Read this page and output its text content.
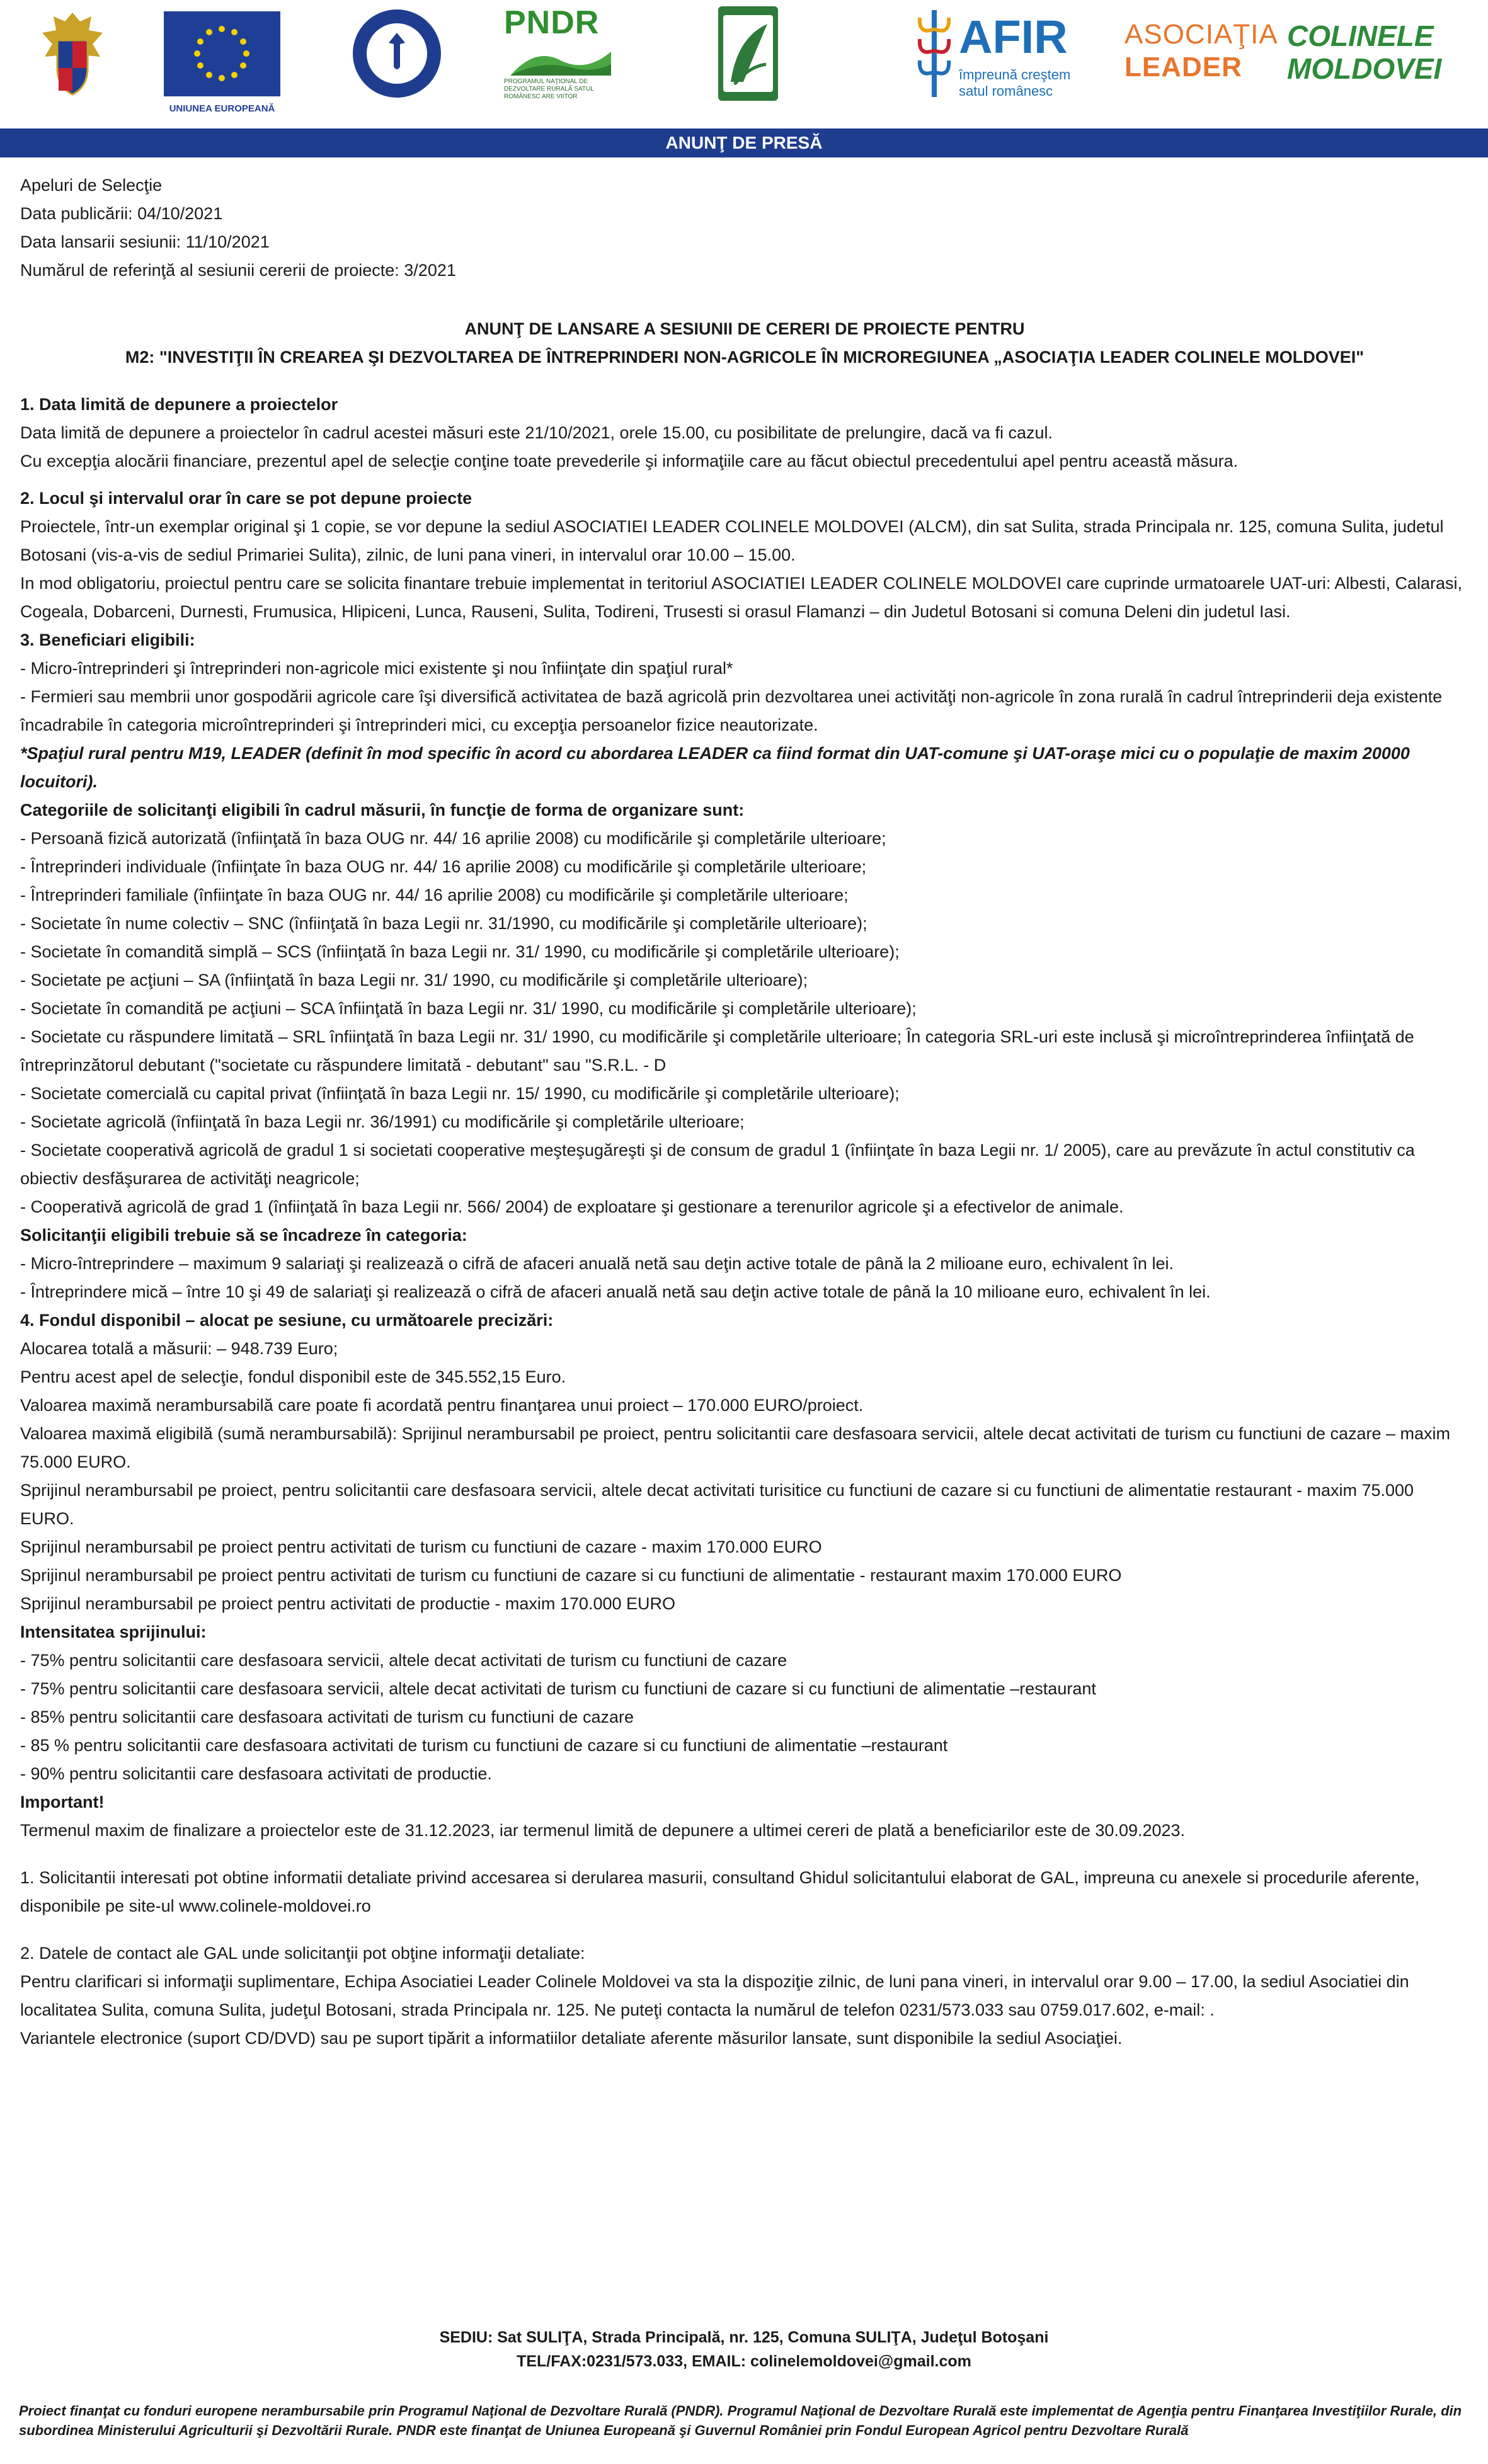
UNIUNEA EUROPEANĂ
PNDR
PROGRAMUL NAŢIONAL DE DEZVOLTARE RURALĂ SATUL ROMÂNESC ARE VIITOR
AFIR
împreună creştem
satul românesc
ASOCIAŢIA
LEADER
COLINELE
MOLDOVEI
ANUNŢ DE PRESĂ

Apeluri de Selecţie

Data publicării: 04/10/2021

Data lansarii sesiunii: 11/10/2021

Numărul de referinţă al sesiunii cererii de proiecte: 3/2021

ANUNŢ DE LANSARE A SESIUNII DE CERERI DE PROIECTE PENTRU

M2: "INVESTIŢII ÎN CREAREA ŞI DEZVOLTAREA DE ÎNTREPRINDERI NON-AGRICOLE ÎN MICROREGIUNEA „ASOCIAŢIA LEADER COLINELE MOLDOVEI"

1. Data limită de depunere a proiectelor

Data limită de depunere a proiectelor în cadrul acestei măsuri este 21/10/2021, orele 15.00, cu posibilitate de prelungire, dacă va fi cazul.

Cu excepţia alocării financiare, prezentul apel de selecţie conţine toate prevederile şi informaţiile care au făcut obiectul precedentului apel pentru această măsura.

2. Locul şi intervalul orar în care se pot depune proiecte

Proiectele, într-un exemplar original şi 1 copie, se vor depune la sediul ASOCIATIEI LEADER COLINELE MOLDOVEI (ALCM), din sat Sulita, strada Principala nr. 125, comuna Sulita, judetul Botosani (vis-a-vis de sediul Primariei Sulita), zilnic, de luni pana vineri, in intervalul orar 10.00 – 15.00.

In mod obligatoriu, proiectul pentru care se solicita finantare trebuie implementat in teritoriul ASOCIATIEI LEADER COLINELE MOLDOVEI care cuprinde urmatoarele UAT-uri: Albesti, Calarasi, Cogeala, Dobarceni, Durnesti, Frumusica, Hlipiceni, Lunca, Rauseni, Sulita, Todireni, Trusesti si orasul Flamanzi – din Judetul Botosani si comuna Deleni din judetul Iasi.

3. Beneficiari eligibili:

- Micro-întreprinderi şi întreprinderi non-agricole mici existente şi nou înfiinţate din spaţiul rural*

- Fermieri sau membrii unor gospodării agricole care îşi diversifică activitatea de bază agricolă prin dezvoltarea unei activităţi non-agricole în zona rurală în cadrul întreprinderii deja existente încadrabile în categoria microîntreprinderi şi întreprinderi mici, cu excepţia persoanelor fizice neautorizate.

*Spaţiul rural pentru M19, LEADER (definit în mod specific în acord cu abordarea LEADER ca fiind format din UAT-comune şi UAT-oraşe mici cu o populaţie de maxim 20000 locuitori).

Categoriile de solicitanţi eligibili în cadrul măsurii, în funcţie de forma de organizare sunt:

- Persoană fizică autorizată (înfiinţată în baza OUG nr. 44/ 16 aprilie 2008) cu modificările şi completările ulterioare;

- Întreprinderi individuale (înfiinţate în baza OUG nr. 44/ 16 aprilie 2008) cu modificările şi completările ulterioare;

- Întreprinderi familiale (înfiinţate în baza OUG nr. 44/ 16 aprilie 2008) cu modificările şi completările ulterioare;

- Societate în nume colectiv – SNC (înfiinţată în baza Legii nr. 31/1990, cu modificările şi completările ulterioare);

- Societate în comandită simplă – SCS (înfiinţată în baza Legii nr. 31/ 1990, cu modificările şi completările ulterioare);

- Societate pe acţiuni – SA (înfiinţată în baza Legii nr. 31/ 1990, cu modificările şi completările ulterioare);

- Societate în comandită pe acţiuni – SCA înfiinţată în baza Legii nr. 31/ 1990, cu modificările şi completările ulterioare);

- Societate cu răspundere limitată – SRL înfiinţată în baza Legii nr. 31/ 1990, cu modificările şi completările ulterioare; În categoria SRL-uri este inclusă şi microîntreprinderea înfiinţată de întreprinzătorul debutant ("societate cu răspundere limitată - debutant" sau "S.R.L. - D

- Societate comercială cu capital privat (înfiinţată în baza Legii nr. 15/ 1990, cu modificările şi completările ulterioare);

- Societate agricolă (înfiinţată în baza Legii nr. 36/1991) cu modificările şi completările ulterioare;

- Societate cooperativă agricolă de gradul 1 si societati cooperative meşteşugăreşti şi de consum de gradul 1 (înfiinţate în baza Legii nr. 1/ 2005), care au prevăzute în actul constitutiv ca obiectiv desfăşurarea de activităţi neagricole;

- Cooperativă agricolă de grad 1 (înfiinţată în baza Legii nr. 566/ 2004) de exploatare şi gestionare a terenurilor agricole şi a efectivelor de animale.

Solicitanţii eligibili trebuie să se încadreze în categoria:

- Micro-întreprindere – maximum 9 salariaţi şi realizează o cifră de afaceri anuală netă sau deţin active totale de până la 2 milioane euro, echivalent în lei.

- Întreprindere mică – între 10 şi 49 de salariaţi şi realizează o cifră de afaceri anuală netă sau deţin active totale de până la 10 milioane euro, echivalent în lei.

4. Fondul disponibil – alocat pe sesiune, cu următoarele precizări:

Alocarea totală a măsurii: – 948.739 Euro;

Pentru acest apel de selecţie, fondul disponibil este de 345.552,15 Euro.

Valoarea maximă nerambursabilă care poate fi acordată pentru finanţarea unui proiect – 170.000 EURO/proiect.

Valoarea maximă eligibilă (sumă nerambursabilă): Sprijinul nerambursabil pe proiect, pentru solicitantii care desfasoara servicii, altele decat activitati de turism cu functiuni de cazare – maxim 75.000 EURO.

Sprijinul nerambursabil pe proiect, pentru solicitantii care desfasoara servicii, altele decat activitati turisitice cu functiuni de cazare si cu functiuni de alimentatie restaurant - maxim 75.000 EURO.

Sprijinul nerambursabil pe proiect pentru activitati de turism cu functiuni de cazare - maxim 170.000 EURO

Sprijinul nerambursabil pe proiect pentru activitati de turism cu functiuni de cazare si cu functiuni de alimentatie - restaurant maxim 170.000 EURO

Sprijinul nerambursabil pe proiect pentru activitati de productie - maxim 170.000 EURO

Intensitatea sprijinului:

- 75% pentru solicitantii care desfasoara servicii, altele decat activitati de turism cu functiuni de cazare

- 75% pentru solicitantii care desfasoara servicii, altele decat activitati de turism cu functiuni de cazare si cu functiuni de alimentatie –restaurant

- 85% pentru solicitantii care desfasoara activitati de turism cu functiuni de cazare

- 85 % pentru solicitantii care desfasoara activitati de turism cu functiuni de cazare si cu functiuni de alimentatie –restaurant

- 90% pentru solicitantii care desfasoara activitati de productie.

Important!

Termenul maxim de finalizare a proiectelor este de 31.12.2023, iar termenul limită de depunere a ultimei cereri de plată a beneficiarilor este de 30.09.2023.

1. Solicitantii interesati pot obtine informatii detaliate privind accesarea si derularea masurii, consultand Ghidul solicitantului elaborat de GAL, impreuna cu anexele si procedurile aferente, disponibile pe site-ul www.colinele-moldovei.ro

2. Datele de contact ale GAL unde solicitanţii pot obţine informaţii detaliate:

Pentru clarificari si informaţii suplimentare, Echipa Asociatiei Leader Colinele Moldovei va sta la dispoziţie zilnic, de luni pana vineri, in intervalul orar 9.00 – 17.00, la sediul Asociatiei din localitatea Sulita, comuna Sulita, judeţul Botosani, strada Principala nr. 125. Ne puteţi contacta la numărul de telefon 0231/573.033 sau 0759.017.602, e-mail: .

Variantele electronice (suport CD/DVD) sau pe suport tipărit a informatiilor detaliate aferente măsurilor lansate, sunt disponibile la sediul Asociaţiei.

SEDIU: Sat SULIŢA, Strada Principală, nr. 125, Comuna SULIŢA, Judeţul Botoşani
TEL/FAX:0231/573.033, EMAIL: colinelemoldovei@gmail.com
Proiect finanţat cu fonduri europene nerambursabile prin Programul Naţional de Dezvoltare Rurală (PNDR). Programul Naţional de Dezvoltare Rurală este implementat de Agenţia pentru Finanţarea Investiţiilor Rurale, din subordinea Ministerului Agriculturii şi Dezvoltării Rurale. PNDR este finanţat de Uniunea Europeană şi Guvernul României prin Fondul European Agricol pentru Dezvoltare Rurală
